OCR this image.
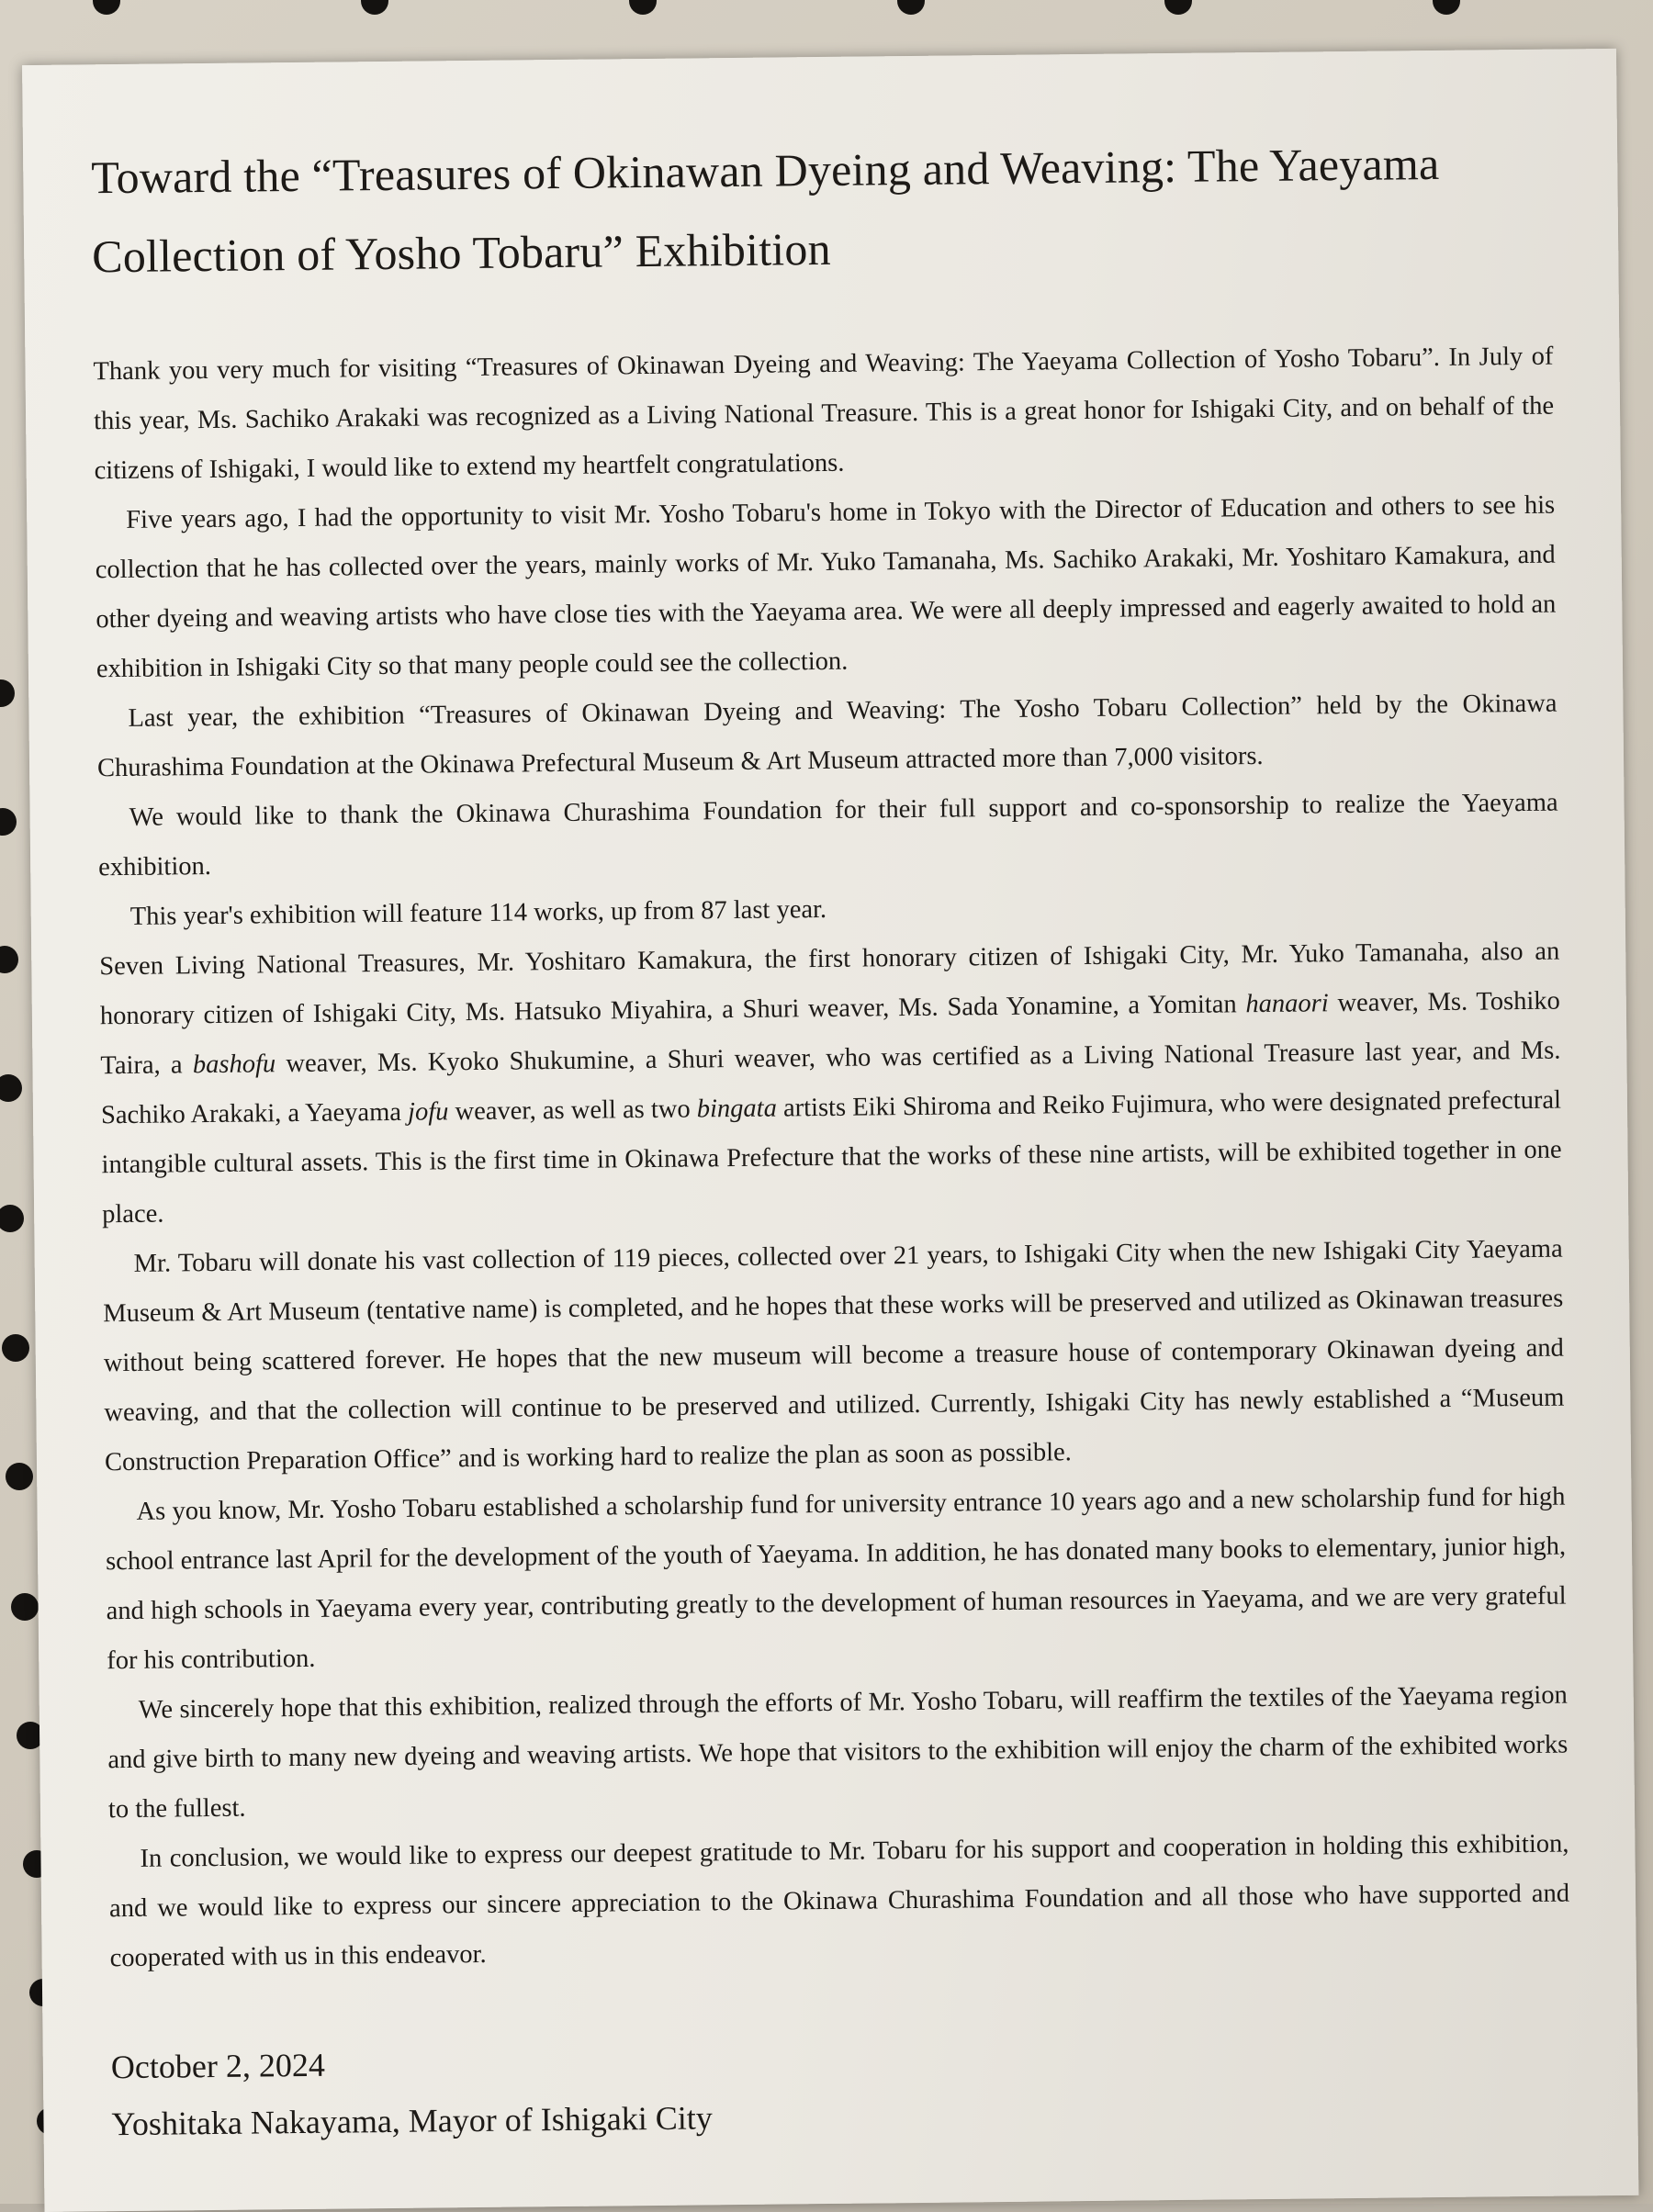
Toward the “Treasures of Okinawan Dyeing and Weaving: The Yaeyama
Collection of Yosho Tobaru” Exhibition

Thank you very much for visiting “Treasures of Okinawan Dyeing and Weaving: The Yaeyama Collection of Yosho Tobaru”. In July of this year, Ms. Sachiko Arakaki was recognized as a Living National Treasure. This is a great honor for Ishigaki City, and on behalf of the citizens of Ishigaki, I would like to extend my heartfelt congratulations.

Five years ago, I had the opportunity to visit Mr. Yosho Tobaru's home in Tokyo with the Director of Education and others to see his collection that he has collected over the years, mainly works of Mr. Yuko Tamanaha, Ms. Sachiko Arakaki, Mr. Yoshitaro Kamakura, and other dyeing and weaving artists who have close ties with the Yaeyama area. We were all deeply impressed and eagerly awaited to hold an exhibition in Ishigaki City so that many people could see the collection.

Last year, the exhibition “Treasures of Okinawan Dyeing and Weaving: The Yosho Tobaru Collection” held by the Okinawa Churashima Foundation at the Okinawa Prefectural Museum & Art Museum attracted more than 7,000 visitors.

We would like to thank the Okinawa Churashima Foundation for their full support and co-sponsorship to realize the Yaeyama exhibition.

This year's exhibition will feature 114 works, up from 87 last year.

Seven Living National Treasures, Mr. Yoshitaro Kamakura, the first honorary citizen of Ishigaki City, Mr. Yuko Tamanaha, also an honorary citizen of Ishigaki City, Ms. Hatsuko Miyahira, a Shuri weaver, Ms. Sada Yonamine, a Yomitan hanaori weaver, Ms. Toshiko Taira, a bashofu weaver, Ms. Kyoko Shukumine, a Shuri weaver, who was certified as a Living National Treasure last year, and Ms. Sachiko Arakaki, a Yaeyama jofu weaver, as well as two bingata artists Eiki Shiroma and Reiko Fujimura, who were designated prefectural intangible cultural assets. This is the first time in Okinawa Prefecture that the works of these nine artists, will be exhibited together in one place.

Mr. Tobaru will donate his vast collection of 119 pieces, collected over 21 years, to Ishigaki City when the new Ishigaki City Yaeyama Museum & Art Museum (tentative name) is completed, and he hopes that these works will be preserved and utilized as Okinawan treasures without being scattered forever. He hopes that the new museum will become a treasure house of contemporary Okinawan dyeing and weaving, and that the collection will continue to be preserved and utilized. Currently, Ishigaki City has newly established a “Museum Construction Preparation Office” and is working hard to realize the plan as soon as possible.

As you know, Mr. Yosho Tobaru established a scholarship fund for university entrance 10 years ago and a new scholarship fund for high school entrance last April for the development of the youth of Yaeyama. In addition, he has donated many books to elementary, junior high, and high schools in Yaeyama every year, contributing greatly to the development of human resources in Yaeyama, and we are very grateful for his contribution.

We sincerely hope that this exhibition, realized through the efforts of Mr. Yosho Tobaru, will reaffirm the textiles of the Yaeyama region and give birth to many new dyeing and weaving artists. We hope that visitors to the exhibition will enjoy the charm of the exhibited works to the fullest.

In conclusion, we would like to express our deepest gratitude to Mr. Tobaru for his support and cooperation in holding this exhibition, and we would like to express our sincere appreciation to the Okinawa Churashima Foundation and all those who have supported and cooperated with us in this endeavor.

October 2, 2024
Yoshitaka Nakayama, Mayor of Ishigaki City
